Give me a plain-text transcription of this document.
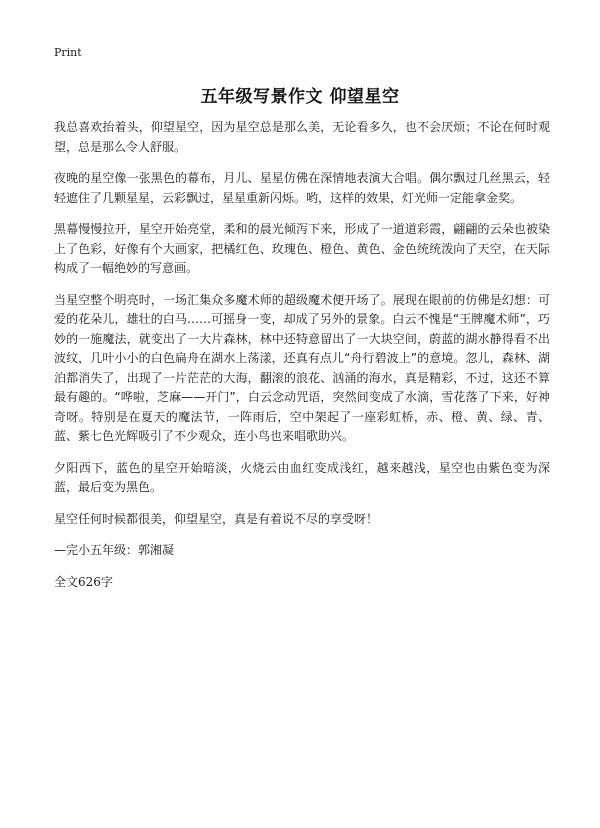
Print
五年级写景作文 仰望星空

我总喜欢抬着头，仰望星空，因为星空总是那么美，无论看多久，也不会厌烦；不论在何时观望，总是那么令人舒服。

夜晚的星空像一张黑色的幕布，月儿、星星仿佛在深情地表演大合唱。偶尔飘过几丝黑云，轻轻遮住了几颗星星，云彩飘过，星星重新闪烁。哟，这样的效果，灯光师一定能拿金奖。

黑幕慢慢拉开，星空开始亮堂，柔和的晨光倾泻下来，形成了一道道彩霞，翩翩的云朵也被染上了色彩，好像有个大画家，把橘红色、玫瑰色、橙色、黄色、金色统统泼向了天空，在天际构成了一幅绝妙的写意画。

当星空整个明亮时，一场汇集众多魔术师的超级魔术便开场了。展现在眼前的仿佛是幻想：可爱的花朵儿，雄壮的白马……可摇身一变，却成了另外的景象。白云不愧是“王牌魔术师”，巧妙的一施魔法，就变出了一大片森林，林中还特意留出了一大块空间，蔚蓝的湖水静得看不出波纹，几叶小小的白色扁舟在湖水上荡漾，还真有点儿“舟行碧波上”的意境。忽儿，森林、湖泊都消失了，出现了一片茫茫的大海，翻滚的浪花、汹涌的海水，真是精彩，不过，这还不算最有趣的。“哗啦，芝麻——开门”，白云念动咒语，突然间变成了水滴，雪花落了下来，好神奇呀。特别是在夏天的魔法节，一阵雨后，空中架起了一座彩虹桥，赤、橙、黄、绿、青、蓝、紫七色光辉吸引了不少观众，连小鸟也来唱歌助兴。

夕阳西下，蓝色的星空开始暗淡，火烧云由血红变成浅红，越来越浅，星空也由紫色变为深蓝，最后变为黑色。

星空任何时候都很美，仰望星空，真是有着说不尽的享受呀！

—完小五年级：郭湘凝

全文626字
